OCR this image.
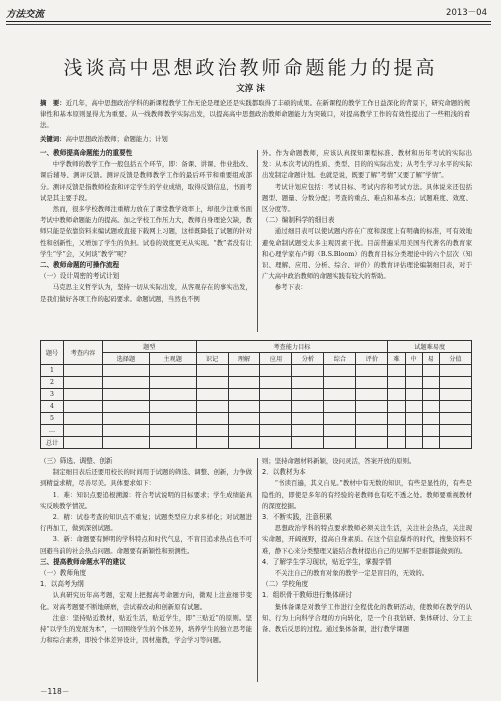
方法交流	2013－04
浅谈高中思想政治教师命题能力的提高
文淳 沫
摘　要：近几年，高中思想政治学科的新课程教学工作无论是理论还是实践都取得了丰硕的成果。在新课程的教学工作日益深化的背景下，研究命题的规律性和基本原则显得尤为重要。从一线教师教学实际出发，以提高高中思想政治教师命题能力为突破口，对提高教学工作的有效性提出了一些粗浅的看法。
关键词：高中思想政治教师；命题能力；计划
一、教师提高命题能力的重要性

中学教师的教学工作一般包括五个环节，即：备课、讲课、作业批改、课后辅导、测评反馈。测评反馈是教师教学工作的最后环节和重要组成部分。测评反馈是指教师检查和评定学生的学业成绩，取得反馈信息，书面考试是其主要手段。

然而，很多学校教师注重精力放在了课堂教学效率上，却很少注重书面考试中教师命题能力的提高。加之学校工作压力大，教师自身理论欠缺，教师只能是依靠资料来编试题或直接下载网上习题，这样既降低了试题的针对性和创新性，又增加了学生的负担。试卷的效度更无从实现。“教”者没有让学生“学”会，又何谈“教学”呢？

二、教师命题的可操作流程
（一）设计周密的考试计划

马克思主义哲学认为，坚持一切从实际出发，从客观存在的事实出发，是我们做好各项工作的起码要求。命题试题，当然也不例

外。作为命题教师，应该认真探知课程标准、教材和历年考试的实际出发：从本次考试的性质、类型、目的的实际出发；从考生学习水平的实际出发制定命题计划。也就是说，既要了解“考情”又要了解“学情”。

考试计划应包括：考试目标、考试内容和考试方法。具体说来还包括题型、题量、分数分配；考查的重点、难点和基本点；试题难度、效度、区分度等。

（二）编制科学的细目表

通过细目表可以使试题内容在广度和深度上有明确的标准，可有效地避免命制试题受太多主观因素干扰。目前普遍采用美国当代著名的教育家和心理学家布卢姆（B.S.Bloom）的教育目标分类理论中的六个层次（知识、理解、应用、分析、综合、评价）的教育评估理论编制细目表，对于广大高中政治教师的命题实践有较大的帮助。

参考下表：

题号	考查内容	题型		考查能力目标						试题难易度			
		选择题	主观题	识记	理解	应用	分析	综合	评价	难	中	易	分值
1													
2													
3													
4													
5													
…													
总计													
（三）筛选、调整、创新

制定细目表后还要用校长的时间用于试题的筛选、调整、创新，力争做到精益求精，尽善尽美。具体要求如下：

1．难：知识点要追根溯源：符合考试说明的目标要求；学生成绩能真实反映教学情况。

2．精：试卷考查的知识点不重复；试题类型应力求多样化；对试题进行再加工，做到深创试题。

3．新：命题要有鲜明的学科特点和时代气息，不盲目追求热点也不可回避当前的社会热点问题。命题要有新颖性和预测性。

三、提高教师命题水平的建议
（一）教师角度
1．以高考为纲

认真研究历年高考题，宏观上把握高考命题方向，微观上注意细节变化。对高考题要不断地研磨，尝试着改动和创新原有试题。

注意：坚持贴近教材，贴近生活，贴近学生，即“三贴近”的原则。坚持“以学生的发展为本”，一切围绕学生的个体差异，培养学生的独立思考能力和综合素养，即按个体差异设计，因材施教，学会学习等问题。

则；坚持命题材料新颖，设问灵活，答案开放的原则。

2．以教材为本

“书读百遍，其义自见。”教材中有无数的知识，有些是显性的，有些是隐性的，即使是多年的有经验的老教师也有吃不透之处。教师要重视教材的深度挖掘。

3．不断实践，注意积累

思想政治学科的特点要求教师必须关注生活，关注社会热点，关注现实命题，开阔视野，提高自身素质。在这个信息爆炸的时代，搜集资料不难，静下心来分类整理又能结合教材提出自己的见解不是谁都能做到的。

4．了解学生学习现状，贴近学生，掌握学情

不关注自己的教育对象的教学一定是盲目的，无效的。

（二）学校角度
1．组织骨干教师进行集体研讨

集体备课是对教学工作进行全程优化的教研活动，使教师在教学的认知、行为上向科学合理的方向转化，是一个自我钻研、集体研讨、分工主备、教后反思的过程。通过集体备课，进行教学课题

－118－
